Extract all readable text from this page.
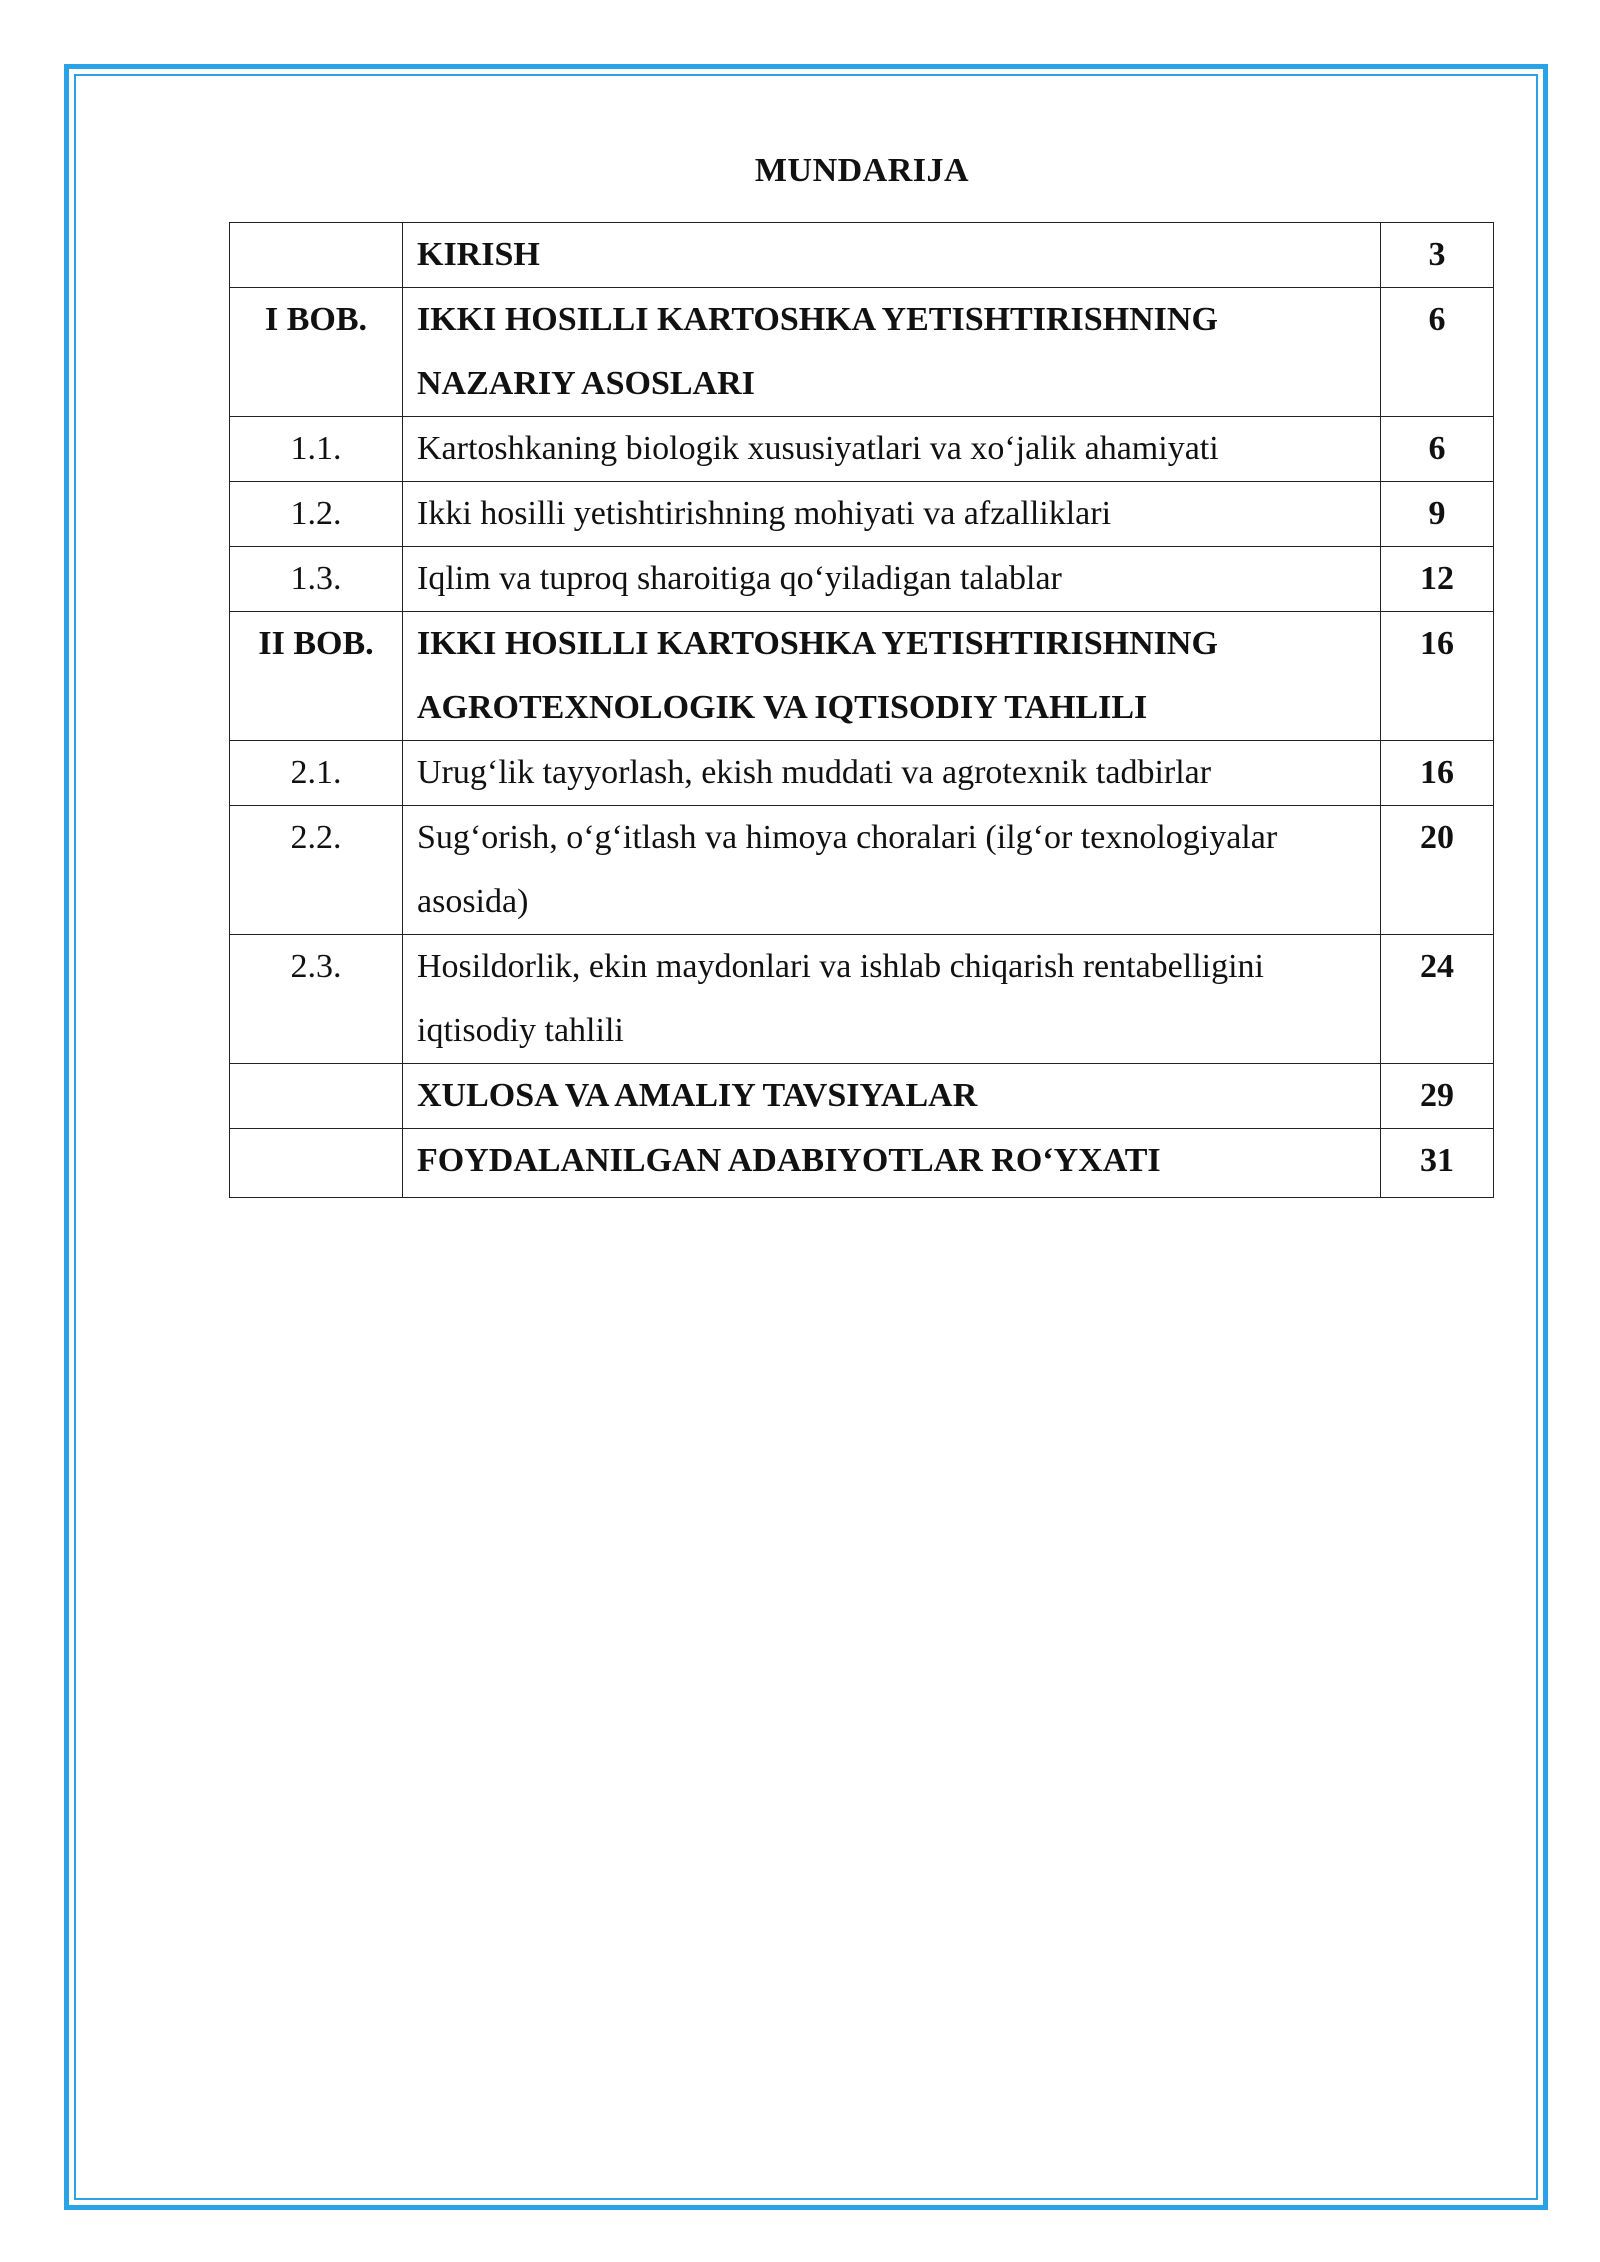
MUNDARIJA
	KIRISH	3
I BOB.	IKKI HOSILLI KARTOSHKA YETISHTIRISHNING NAZARIY ASOSLARI	6
1.1.	Kartoshkaning biologik xususiyatlari va xo‘jalik ahamiyati	6
1.2.	Ikki hosilli yetishtirishning mohiyati va afzalliklari	9
1.3.	Iqlim va tuproq sharoitiga qo‘yiladigan talablar	12
II BOB.	IKKI HOSILLI KARTOSHKA YETISHTIRISHNING AGROTEXNOLOGIK VA IQTISODIY TAHLILI	16
2.1.	Urug‘lik tayyorlash, ekish muddati va agrotexnik tadbirlar	16
2.2.	Sug‘orish, o‘g‘itlash va himoya choralari (ilg‘or texnologiyalar asosida)	20
2.3.	Hosildorlik, ekin maydonlari va ishlab chiqarish rentabelligini iqtisodiy tahlili	24
	XULOSA VA AMALIY TAVSIYALAR	29
	FOYDALANILGAN ADABIYOTLAR RO‘YXATI	31
